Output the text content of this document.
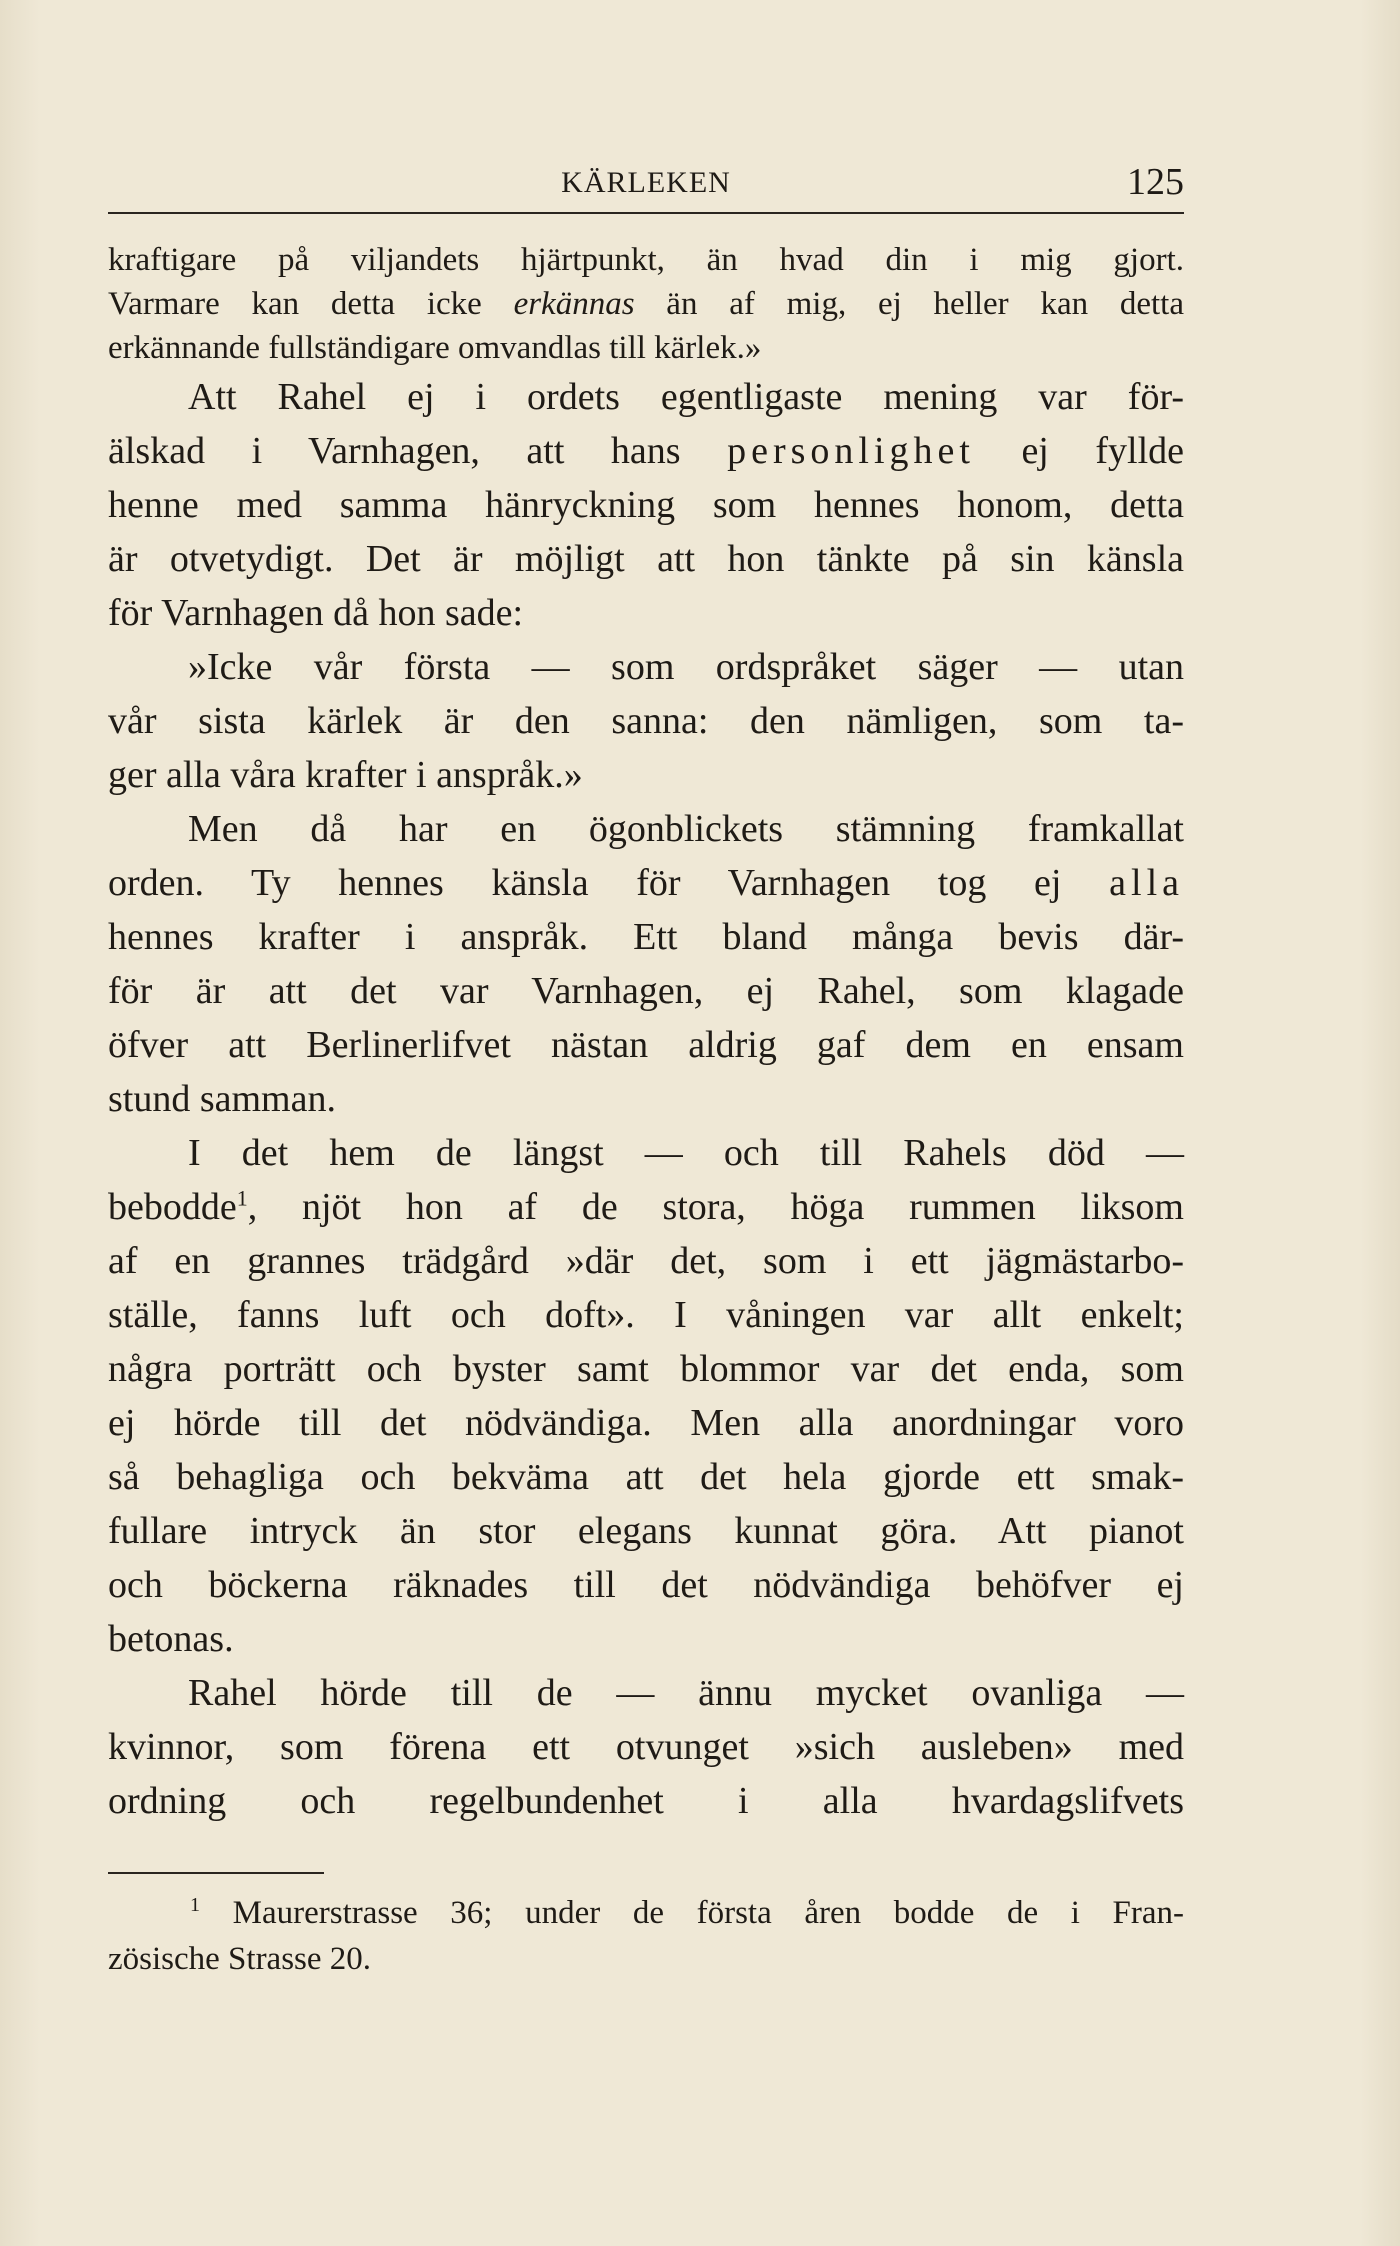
KÄRLEKEN	125
kraftigare på viljandets hjärtpunkt, än hvad din i mig gjort.
Varmare kan detta icke erkännas än af mig, ej heller kan detta
erkännande fullständigare omvandlas till kärlek.»
Att Rahel ej i ordets egentligaste mening var för-
älskad i Varnhagen, att hans personlighet ej fyllde
henne med samma hänryckning som hennes honom, detta
är otvetydigt. Det är möjligt att hon tänkte på sin känsla
för Varnhagen då hon sade:
»Icke vår första — som ordspråket säger — utan
vår sista kärlek är den sanna: den nämligen, som ta-
ger alla våra krafter i anspråk.»
Men då har en ögonblickets stämning framkallat
orden. Ty hennes känsla för Varnhagen tog ej alla
hennes krafter i anspråk. Ett bland många bevis där-
för är att det var Varnhagen, ej Rahel, som klagade
öfver att Berlinerlifvet nästan aldrig gaf dem en ensam
stund samman.
I det hem de längst — och till Rahels död —
bebodde$^1$, njöt hon af de stora, höga rummen liksom
af en grannes trädgård »där det, som i ett jägmästarbo-
ställe, fanns luft och doft». I våningen var allt enkelt;
några porträtt och byster samt blommor var det enda, som
ej hörde till det nödvändiga. Men alla anordningar voro
så behagliga och bekväma att det hela gjorde ett smak-
fullare intryck än stor elegans kunnat göra. Att pianot
och böckerna räknades till det nödvändiga behöfver ej
betonas.
Rahel hörde till de — ännu mycket ovanliga —
kvinnor, som förena ett otvunget »sich ausleben» med
ordning och regelbundenhet i alla hvardagslifvets
$^1$ Maurerstrasse 36; under de första åren bodde de i Fran-
zösische Strasse 20.
